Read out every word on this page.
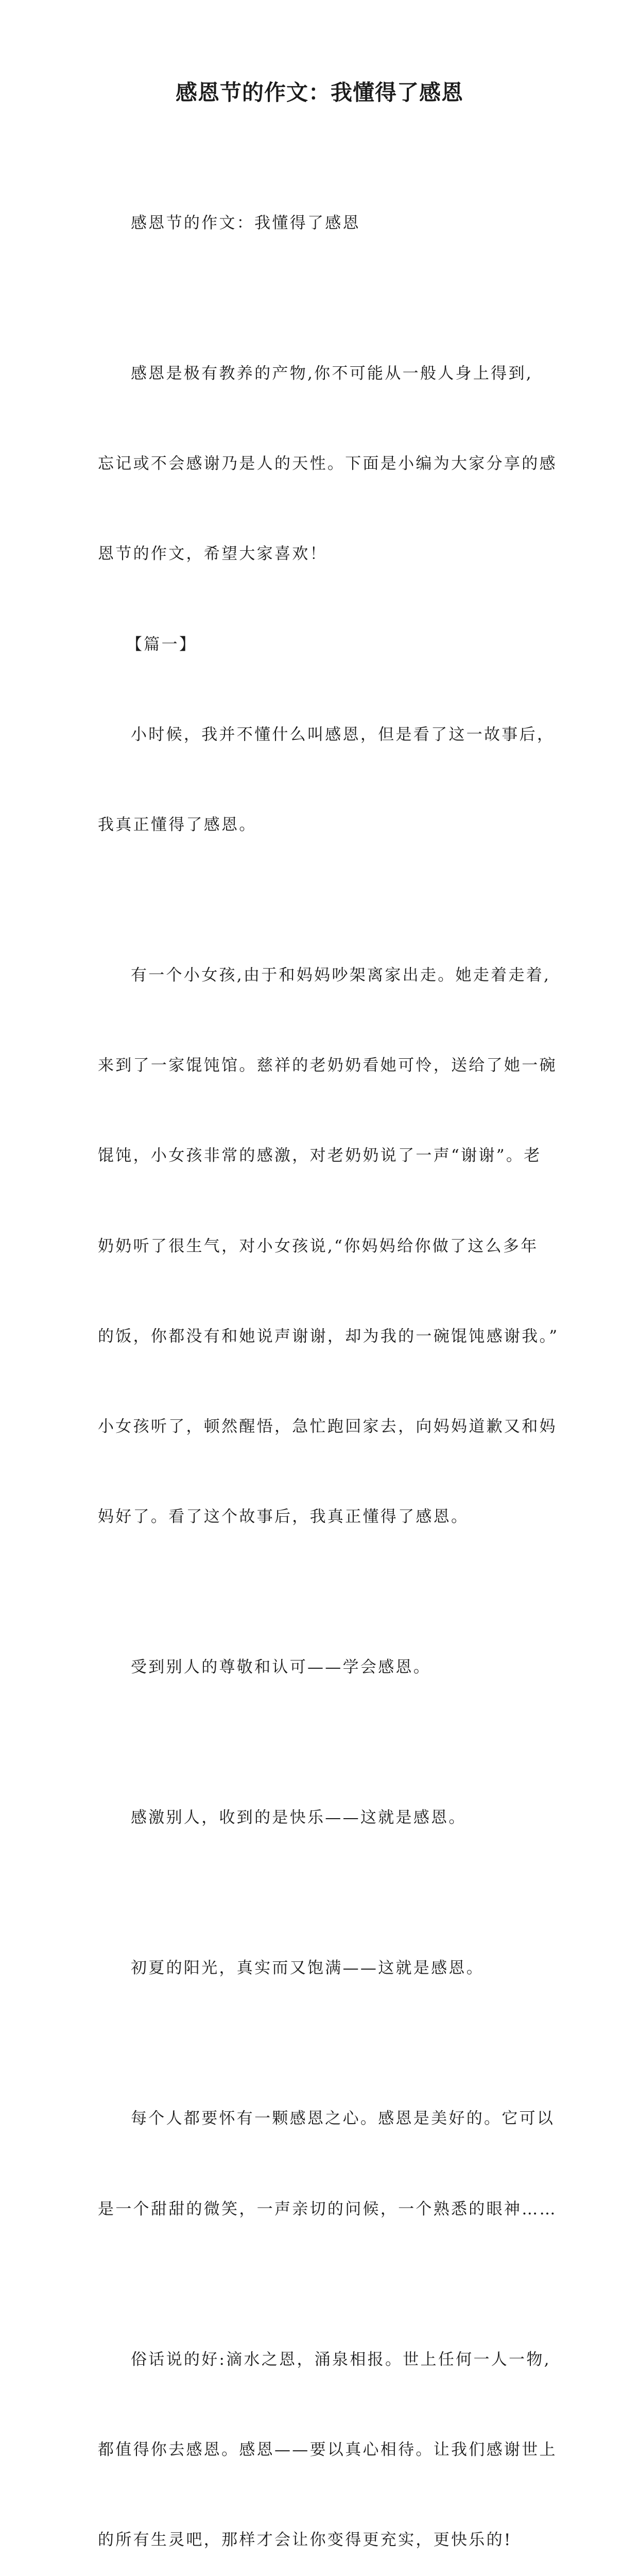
感恩节的作文：我懂得了感恩

感恩节的作文：我懂得了感恩

感恩是极有教养的产物,你不可能从一般人身上得到,

忘记或不会感谢乃是人的天性。下面是小编为大家分享的感

恩节的作文，希望大家喜欢！

【篇一】

小时候，我并不懂什么叫感恩，但是看了这一故事后，

我真正懂得了感恩。

有一个小女孩,由于和妈妈吵架离家出走。她走着走着,

来到了一家馄饨馆。慈祥的老奶奶看她可怜，送给了她一碗

馄饨，小女孩非常的感激，对老奶奶说了一声“谢谢”。老

奶奶听了很生气，对小女孩说,“你妈妈给你做了这么多年

的饭，你都没有和她说声谢谢，却为我的一碗馄饨感谢我。”

小女孩听了，顿然醒悟，急忙跑回家去，向妈妈道歉又和妈

妈好了。看了这个故事后，我真正懂得了感恩。

受到别人的尊敬和认可——学会感恩。

感激别人，收到的是快乐——这就是感恩。

初夏的阳光，真实而又饱满——这就是感恩。

每个人都要怀有一颗感恩之心。感恩是美好的。它可以

是一个甜甜的微笑，一声亲切的问候，一个熟悉的眼神……

俗话说的好:滴水之恩，涌泉相报。世上任何一人一物,

都值得你去感恩。感恩——要以真心相待。让我们感谢世上

的所有生灵吧，那样才会让你变得更充实，更快乐的!
